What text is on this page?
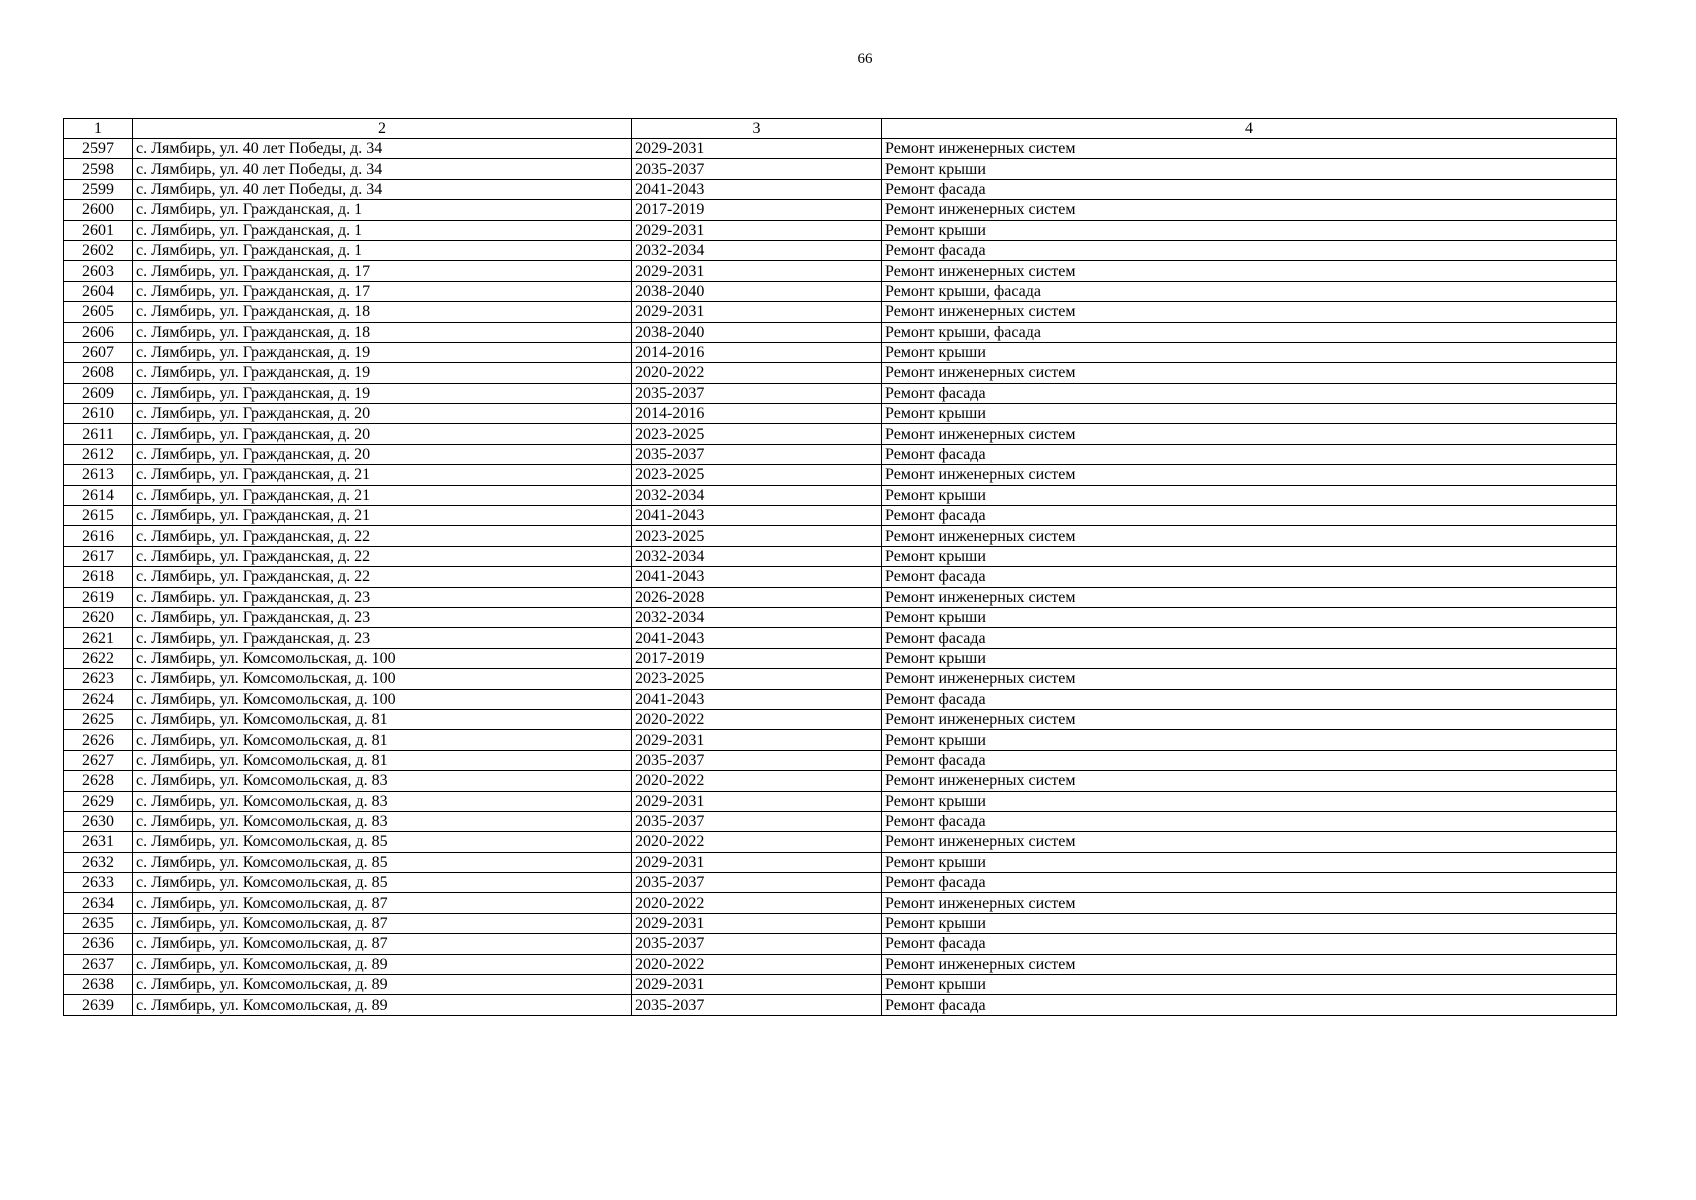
66
1	2	3	4
2597	с. Лямбирь, ул. 40 лет Победы, д. 34	2029-2031	Ремонт инженерных систем
2598	с. Лямбирь, ул. 40 лет Победы, д. 34	2035-2037	Ремонт крыши
2599	с. Лямбирь, ул. 40 лет Победы, д. 34	2041-2043	Ремонт фасада
2600	с. Лямбирь, ул. Гражданская, д. 1	2017-2019	Ремонт инженерных систем
2601	с. Лямбирь, ул. Гражданская, д. 1	2029-2031	Ремонт крыши
2602	с. Лямбирь, ул. Гражданская, д. 1	2032-2034	Ремонт фасада
2603	с. Лямбирь, ул. Гражданская, д. 17	2029-2031	Ремонт инженерных систем
2604	с. Лямбирь, ул. Гражданская, д. 17	2038-2040	Ремонт крыши, фасада
2605	с. Лямбирь, ул. Гражданская, д. 18	2029-2031	Ремонт инженерных систем
2606	с. Лямбирь, ул. Гражданская, д. 18	2038-2040	Ремонт крыши, фасада
2607	с. Лямбирь, ул. Гражданская, д. 19	2014-2016	Ремонт крыши
2608	с. Лямбирь, ул. Гражданская, д. 19	2020-2022	Ремонт инженерных систем
2609	с. Лямбирь, ул. Гражданская, д. 19	2035-2037	Ремонт фасада
2610	с. Лямбирь, ул. Гражданская, д. 20	2014-2016	Ремонт крыши
2611	с. Лямбирь, ул. Гражданская, д. 20	2023-2025	Ремонт инженерных систем
2612	с. Лямбирь, ул. Гражданская, д. 20	2035-2037	Ремонт фасада
2613	с. Лямбирь, ул. Гражданская, д. 21	2023-2025	Ремонт инженерных систем
2614	с. Лямбирь, ул. Гражданская, д. 21	2032-2034	Ремонт крыши
2615	с. Лямбирь, ул. Гражданская, д. 21	2041-2043	Ремонт фасада
2616	с. Лямбирь, ул. Гражданская, д. 22	2023-2025	Ремонт инженерных систем
2617	с. Лямбирь, ул. Гражданская, д. 22	2032-2034	Ремонт крыши
2618	с. Лямбирь, ул. Гражданская, д. 22	2041-2043	Ремонт фасада
2619	с. Лямбирь. ул. Гражданская, д. 23	2026-2028	Ремонт инженерных систем
2620	с. Лямбирь, ул. Гражданская, д. 23	2032-2034	Ремонт крыши
2621	с. Лямбирь, ул. Гражданская, д. 23	2041-2043	Ремонт фасада
2622	с. Лямбирь, ул. Комсомольская, д. 100	2017-2019	Ремонт крыши
2623	с. Лямбирь, ул. Комсомольская, д. 100	2023-2025	Ремонт инженерных систем
2624	с. Лямбирь, ул. Комсомольская, д. 100	2041-2043	Ремонт фасада
2625	с. Лямбирь, ул. Комсомольская, д. 81	2020-2022	Ремонт инженерных систем
2626	с. Лямбирь, ул. Комсомольская, д. 81	2029-2031	Ремонт крыши
2627	с. Лямбирь, ул. Комсомольская, д. 81	2035-2037	Ремонт фасада
2628	с. Лямбирь, ул. Комсомольская, д. 83	2020-2022	Ремонт инженерных систем
2629	с. Лямбирь, ул. Комсомольская, д. 83	2029-2031	Ремонт крыши
2630	с. Лямбирь, ул. Комсомольская, д. 83	2035-2037	Ремонт фасада
2631	с. Лямбирь, ул. Комсомольская, д. 85	2020-2022	Ремонт инженерных систем
2632	с. Лямбирь, ул. Комсомольская, д. 85	2029-2031	Ремонт крыши
2633	с. Лямбирь, ул. Комсомольская, д. 85	2035-2037	Ремонт фасада
2634	с. Лямбирь, ул. Комсомольская, д. 87	2020-2022	Ремонт инженерных систем
2635	с. Лямбирь, ул. Комсомольская, д. 87	2029-2031	Ремонт крыши
2636	с. Лямбирь, ул. Комсомольская, д. 87	2035-2037	Ремонт фасада
2637	с. Лямбирь, ул. Комсомольская, д. 89	2020-2022	Ремонт инженерных систем
2638	с. Лямбирь, ул. Комсомольская, д. 89	2029-2031	Ремонт крыши
2639	с. Лямбирь, ул. Комсомольская, д. 89	2035-2037	Ремонт фасада
